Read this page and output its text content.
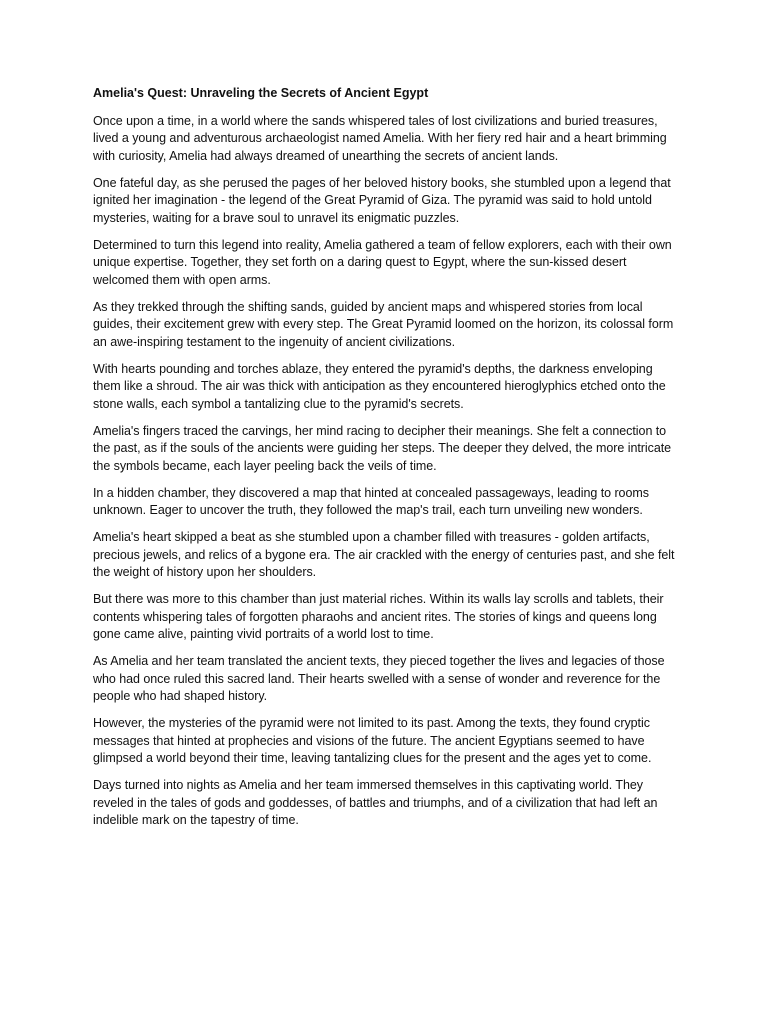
Amelia's Quest: Unraveling the Secrets of Ancient Egypt

Once upon a time, in a world where the sands whispered tales of lost civilizations and buried treasures, lived a young and adventurous archaeologist named Amelia. With her fiery red hair and a heart brimming with curiosity, Amelia had always dreamed of unearthing the secrets of ancient lands.

One fateful day, as she perused the pages of her beloved history books, she stumbled upon a legend that ignited her imagination - the legend of the Great Pyramid of Giza. The pyramid was said to hold untold mysteries, waiting for a brave soul to unravel its enigmatic puzzles.

Determined to turn this legend into reality, Amelia gathered a team of fellow explorers, each with their own unique expertise. Together, they set forth on a daring quest to Egypt, where the sun-kissed desert welcomed them with open arms.

As they trekked through the shifting sands, guided by ancient maps and whispered stories from local guides, their excitement grew with every step. The Great Pyramid loomed on the horizon, its colossal form an awe-inspiring testament to the ingenuity of ancient civilizations.

With hearts pounding and torches ablaze, they entered the pyramid's depths, the darkness enveloping them like a shroud. The air was thick with anticipation as they encountered hieroglyphics etched onto the stone walls, each symbol a tantalizing clue to the pyramid's secrets.

Amelia's fingers traced the carvings, her mind racing to decipher their meanings. She felt a connection to the past, as if the souls of the ancients were guiding her steps. The deeper they delved, the more intricate the symbols became, each layer peeling back the veils of time.

In a hidden chamber, they discovered a map that hinted at concealed passageways, leading to rooms unknown. Eager to uncover the truth, they followed the map's trail, each turn unveiling new wonders.

Amelia's heart skipped a beat as she stumbled upon a chamber filled with treasures - golden artifacts, precious jewels, and relics of a bygone era. The air crackled with the energy of centuries past, and she felt the weight of history upon her shoulders.

But there was more to this chamber than just material riches. Within its walls lay scrolls and tablets, their contents whispering tales of forgotten pharaohs and ancient rites. The stories of kings and queens long gone came alive, painting vivid portraits of a world lost to time.

As Amelia and her team translated the ancient texts, they pieced together the lives and legacies of those who had once ruled this sacred land. Their hearts swelled with a sense of wonder and reverence for the people who had shaped history.

However, the mysteries of the pyramid were not limited to its past. Among the texts, they found cryptic messages that hinted at prophecies and visions of the future. The ancient Egyptians seemed to have glimpsed a world beyond their time, leaving tantalizing clues for the present and the ages yet to come.

Days turned into nights as Amelia and her team immersed themselves in this captivating world. They reveled in the tales of gods and goddesses, of battles and triumphs, and of a civilization that had left an indelible mark on the tapestry of time.
